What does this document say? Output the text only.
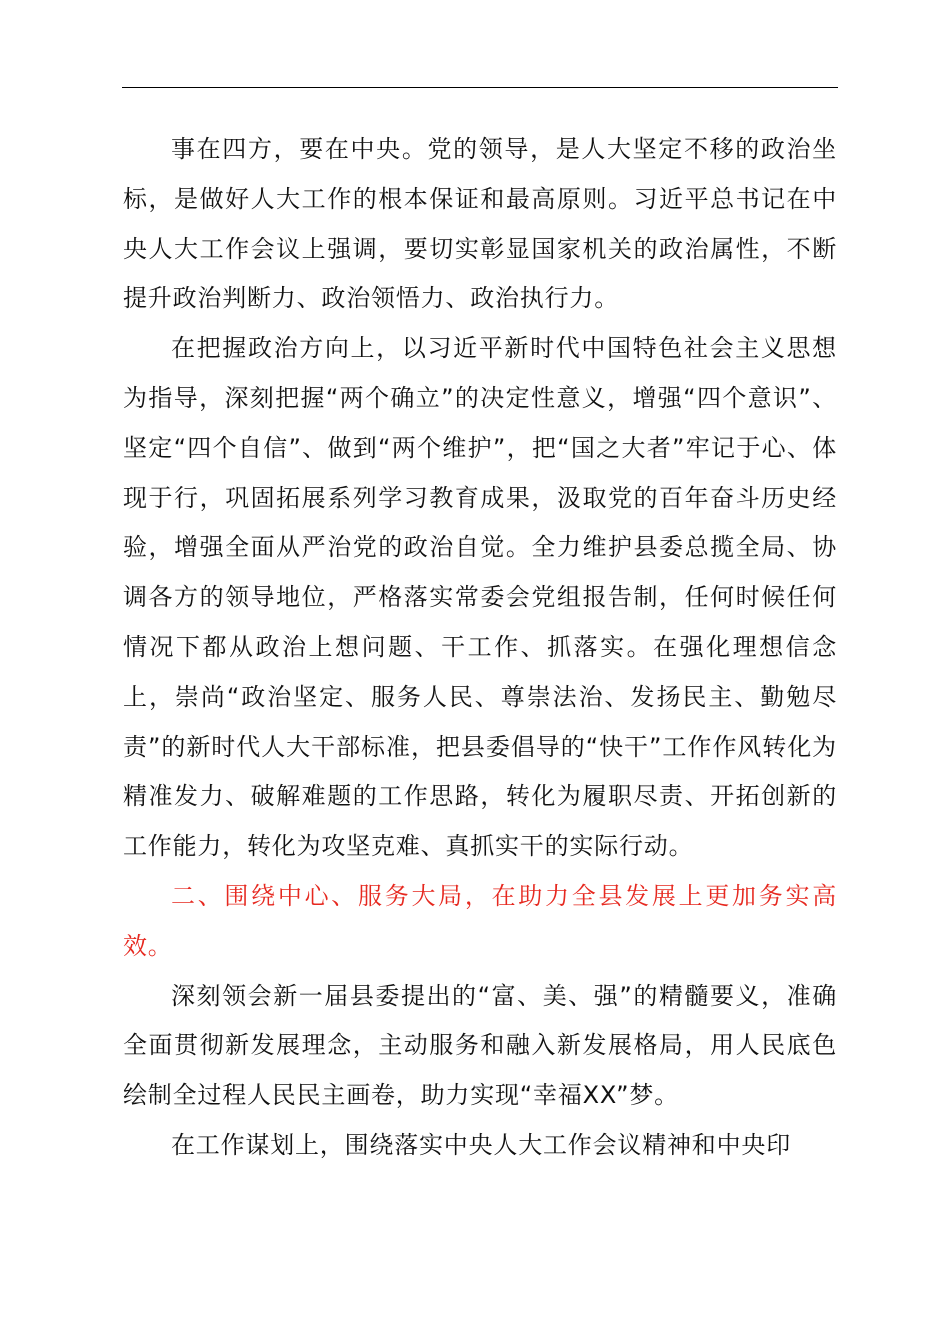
事在四方，要在中央。党的领导，是人大坚定不移的政治坐标，是做好人大工作的根本保证和最高原则。习近平总书记在中央人大工作会议上强调，要切实彰显国家机关的政治属性，不断提升政治判断力、政治领悟力、政治执行力。

在把握政治方向上，以习近平新时代中国特色社会主义思想为指导，深刻把握“两个确立”的决定性意义，增强“四个意识”、坚定“四个自信”、做到“两个维护”，把“国之大者”牢记于心、体现于行，巩固拓展系列学习教育成果，汲取党的百年奋斗历史经验，增强全面从严治党的政治自觉。全力维护县委总揽全局、协调各方的领导地位，严格落实常委会党组报告制，任何时候任何情况下都从政治上想问题、干工作、抓落实。在强化理想信念上，崇尚“政治坚定、服务人民、尊崇法治、发扬民主、勤勉尽责”的新时代人大干部标准，把县委倡导的“快干”工作作风转化为精准发力、破解难题的工作思路，转化为履职尽责、开拓创新的工作能力，转化为攻坚克难、真抓实干的实际行动。

二、围绕中心、服务大局，在助力全县发展上更加务实高效。

深刻领会新一届县委提出的“富、美、强”的精髓要义，准确全面贯彻新发展理念，主动服务和融入新发展格局，用人民底色绘制全过程人民民主画卷，助力实现“幸福XX”梦。

在工作谋划上，围绕落实中央人大工作会议精神和中央印
